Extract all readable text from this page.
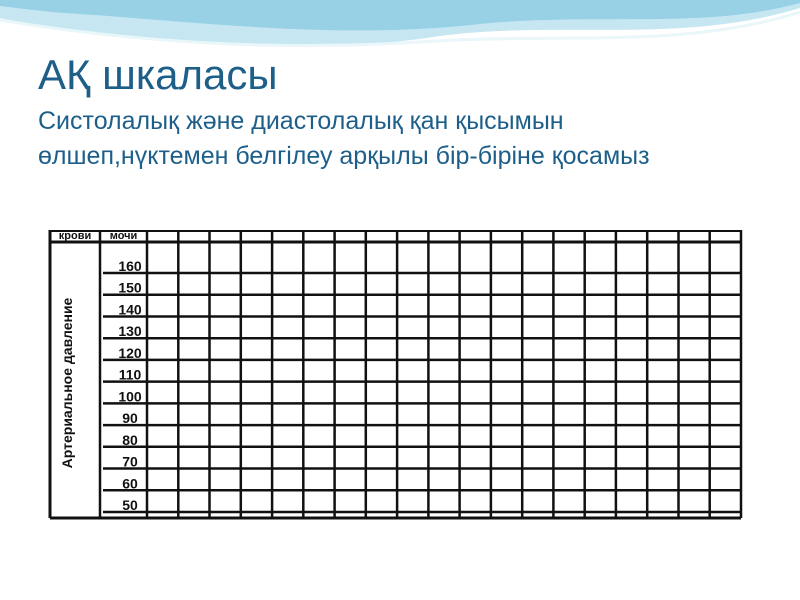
АҚ шкаласы

Систолалық және диастолалық қан қысымын өлшеп,нүктемен белгілеу арқылы бір-біріне қосамыз

160
150
140
130
120
110
100
90
80
70
60
50
крови мочи
Артериальное давление
